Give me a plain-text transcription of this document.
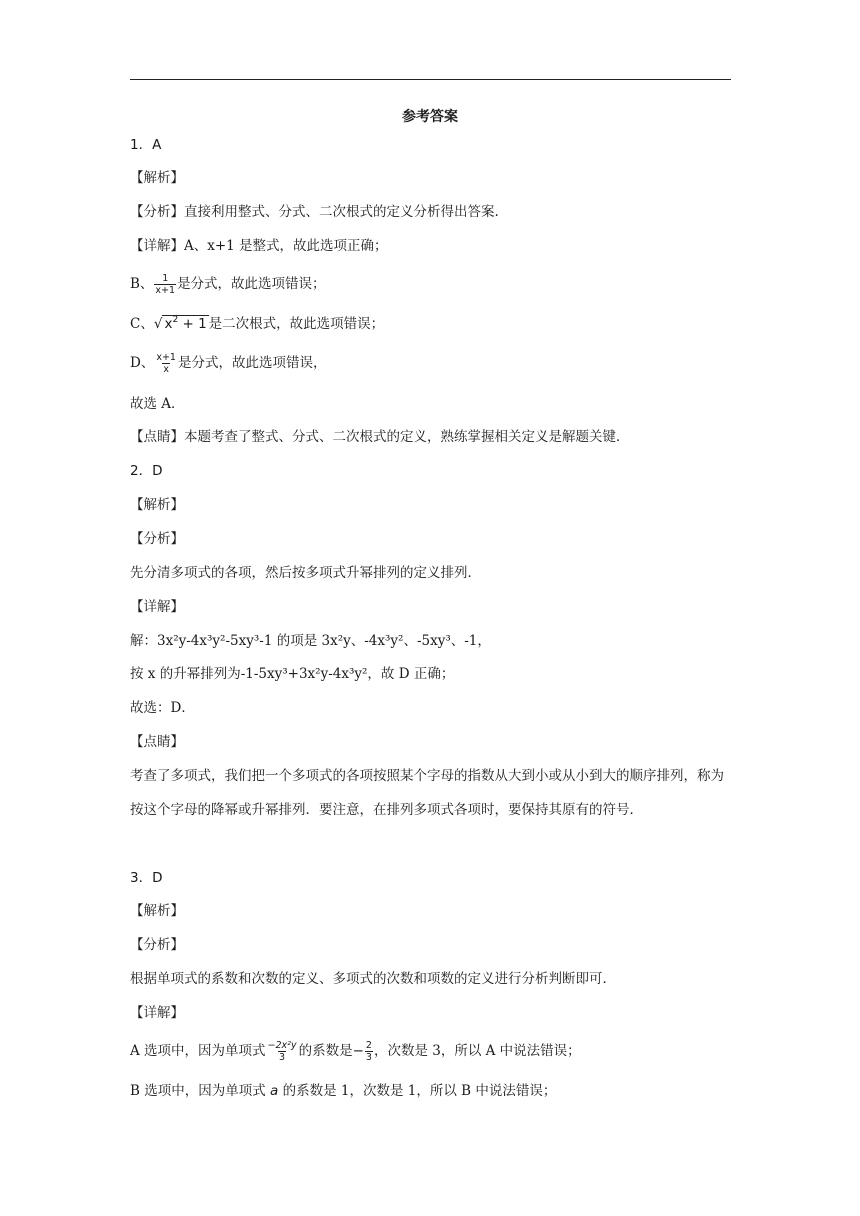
参考答案
1．A
【解析】
【分析】直接利用整式、分式、二次根式的定义分析得出答案.
【详解】A、x+1 是整式，故此选项正确；
B、 $\frac{1}{x+1}$ 是分式，故此选项错误；
C、√ $x^2 + 1$ 是二次根式，故此选项错误；
D、 $\frac{x+1}{x}$ 是分式，故此选项错误，
故选 A．
【点睛】本题考查了整式、分式、二次根式的定义，熟练掌握相关定义是解题关键．
2．D
【解析】
【分析】
先分清多项式的各项，然后按多项式升幂排列的定义排列．
【详解】
解：3x²y-4x³y²-5xy³-1 的项是 3x²y、-4x³y²、-5xy³、-1，
按 x 的升幂排列为-1-5xy³+3x²y-4x³y²，故 D 正确；
故选：D．
【点睛】
考查了多项式，我们把一个多项式的各项按照某个字母的指数从大到小或从小到大的顺序排列，称为按这个字母的降幂或升幂排列．要注意，在排列多项式各项时，要保持其原有的符号．
3．D
【解析】
【分析】
根据单项式的系数和次数的定义、多项式的次数和项数的定义进行分析判断即可．
【详解】
A 选项中，因为单项式 $\frac{\text{−2x²y}}{3}$ 的系数是− $\frac{2}{3}$ ，次数是 3，所以 A 中说法错误；
B 选项中，因为单项式 a 的系数是 1，次数是 1，所以 B 中说法错误；
